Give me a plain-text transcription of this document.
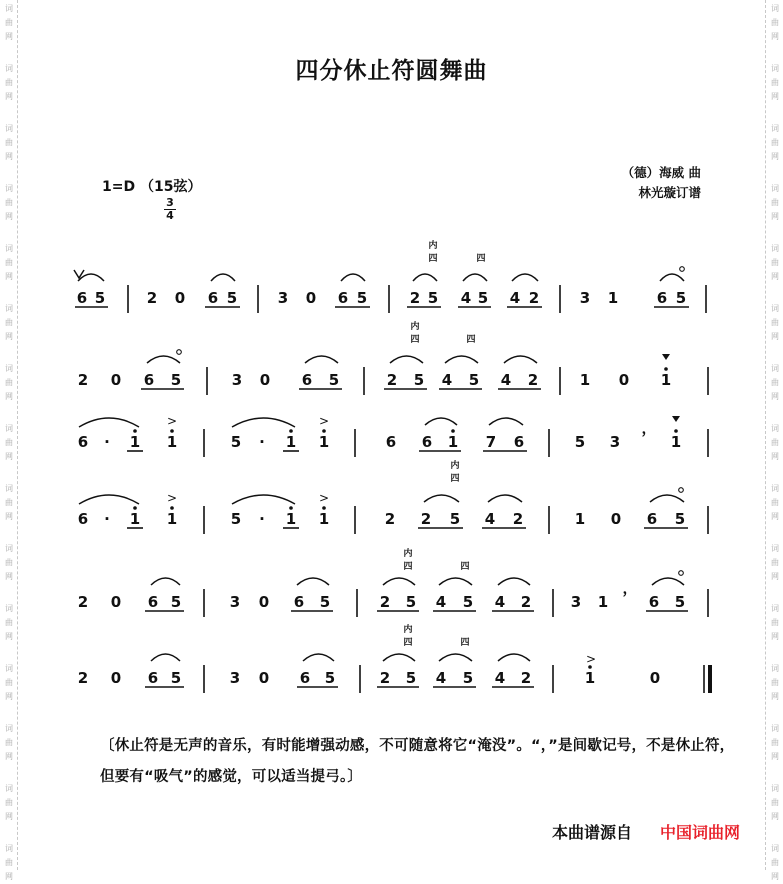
词
曲
网
词
曲
网
词
曲
网
词
曲
网
词
曲
网
词
曲
网
词
曲
网
词
曲
网
词
曲
网
词
曲
网
词
曲
网
词
曲
网
词
曲
网
词
曲
网
词
曲
网
词
曲
网
词
曲
网
词
曲
网
词
曲
网
词
曲
网
词
曲
网
词
曲
网
词
曲
网
词
曲
网
词
曲
网
词
曲
网
词
曲
网
词
曲
网
词
曲
网
词
曲
网
四分休止符圆舞曲
（德）海威 曲
林光璇订谱
1=D （15弦）
3
4
6 5	2 0 6 5	3 0 6 5	2 5 4 5 4 2
内
四	四
3 1	6 5
2 0 6 5	3 0 6 5	2 5 4 5 4 2
内
四	四
1 0 1
6 · 1 1
>
5 · 1 1
>
6 6 1 7 6	5 3
，
1
6 · 1 1
>
5 · 1 1
>
2 2 5 4 2
内
四
1 0 6 5
2 0 6 5	3 0 6 5	2 5 4 5 4 2
内
四	四
3 1
，
6 5
2 0 6 5	3 0 6 5	2 5 4 5 4 2
内
四	四
1
>
0
〔休止符是无声的音乐，有时能增强动感，不可随意将它“淹没”。“，”是间歇记号，不是休止符，但要有“吸气”的感觉，可以适当提弓。〕
本曲谱源自 中国词曲网
